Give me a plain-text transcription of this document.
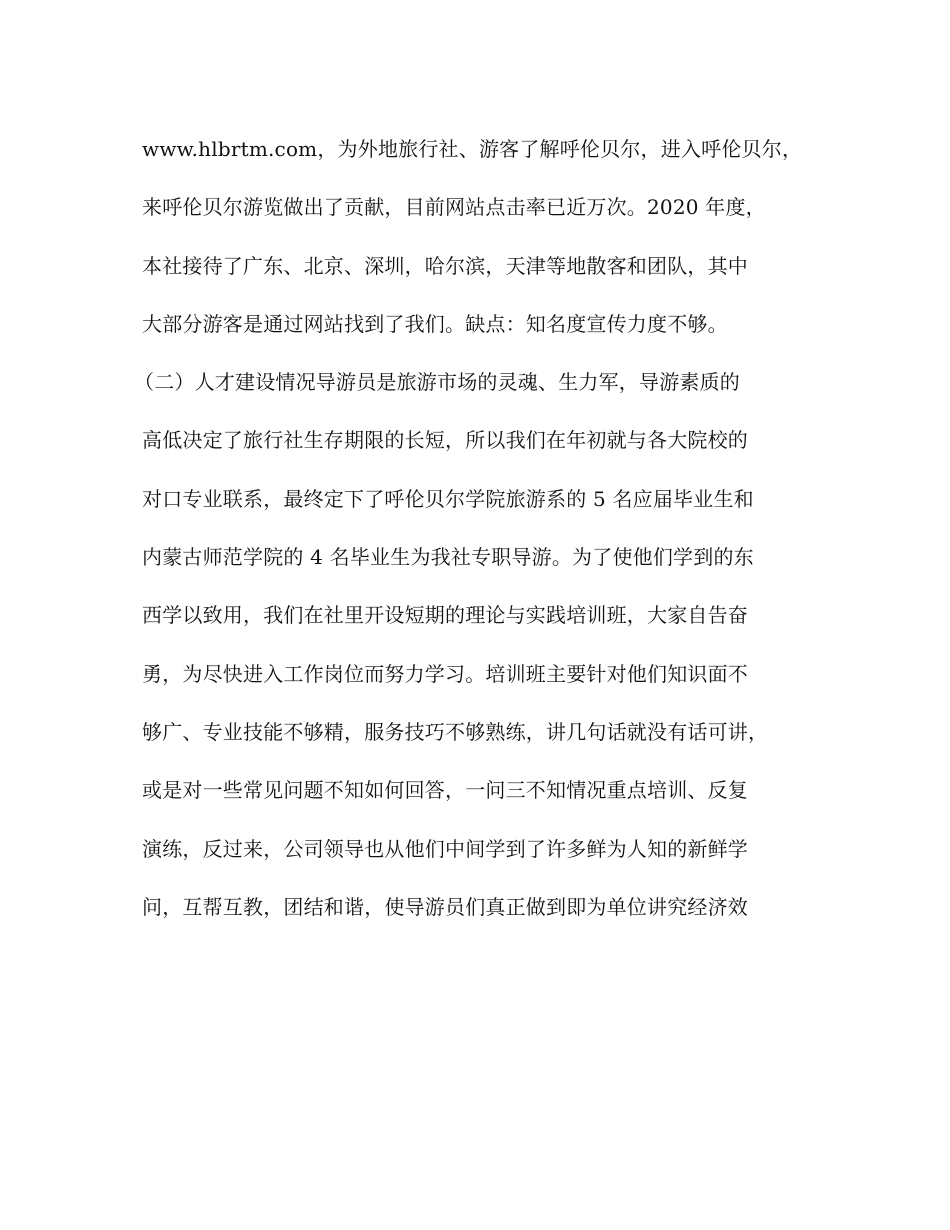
www.hlbrtm.com，为外地旅行社、游客了解呼伦贝尔，进入呼伦贝尔，
来呼伦贝尔游览做出了贡献，目前网站点击率已近万次。2020 年度，
本社接待了广东、北京、深圳，哈尔滨，天津等地散客和团队，其中
大部分游客是通过网站找到了我们。缺点：知名度宣传力度不够。
（二）人才建设情况导游员是旅游市场的灵魂、生力军，导游素质的
高低决定了旅行社生存期限的长短，所以我们在年初就与各大院校的
对口专业联系，最终定下了呼伦贝尔学院旅游系的 5 名应届毕业生和
内蒙古师范学院的 4 名毕业生为我社专职导游。为了使他们学到的东
西学以致用，我们在社里开设短期的理论与实践培训班，大家自告奋
勇，为尽快进入工作岗位而努力学习。培训班主要针对他们知识面不
够广、专业技能不够精，服务技巧不够熟练，讲几句话就没有话可讲，
或是对一些常见问题不知如何回答，一问三不知情况重点培训、反复
演练，反过来，公司领导也从他们中间学到了许多鲜为人知的新鲜学
问，互帮互教，团结和谐，使导游员们真正做到即为单位讲究经济效
